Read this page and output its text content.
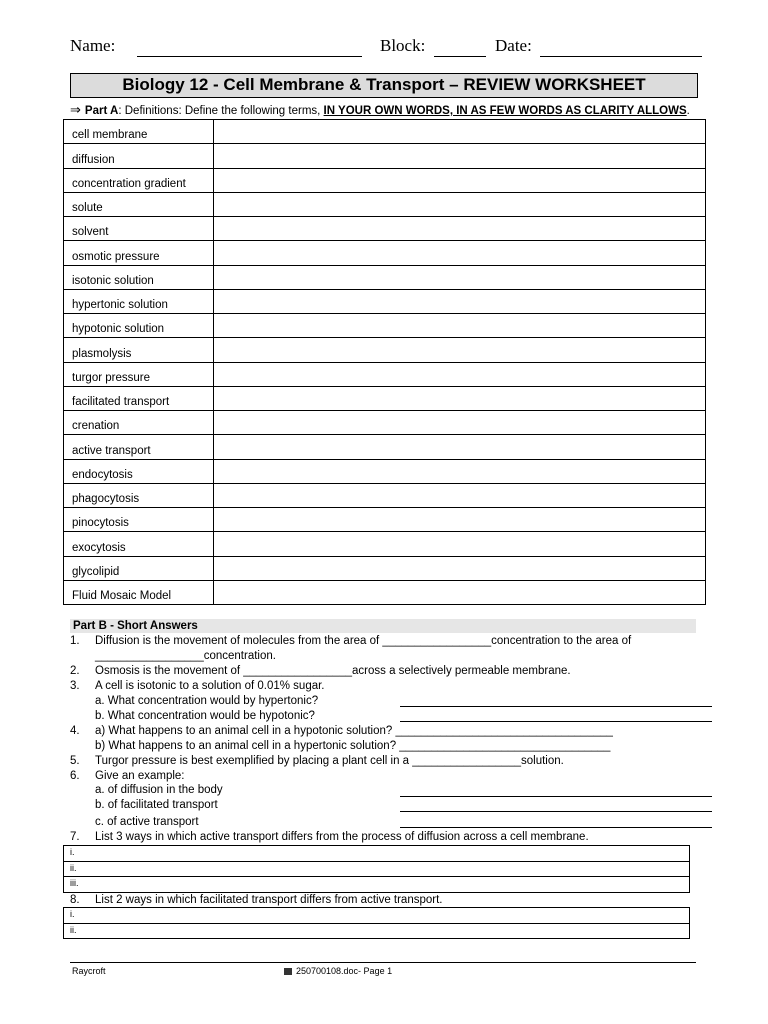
Name:	Block:	Date:
Biology 12 - Cell Membrane & Transport – REVIEW WORKSHEET
⇒ Part A: Definitions: Define the following terms, IN YOUR OWN WORDS, IN AS FEW WORDS AS CLARITY ALLOWS.
cell membrane	
diffusion	
concentration gradient	
solute	
solvent	
osmotic pressure	
isotonic solution	
hypertonic solution	
hypotonic solution	
plasmolysis	
turgor pressure	
facilitated transport	
crenation	
active transport	
endocytosis	
phagocytosis	
pinocytosis	
exocytosis	
glycolipid	
Fluid Mosaic Model	
Part B - Short Answers
1. Diffusion is the movement of molecules from the area of _________________concentration to the area of
_________________concentration.
2. Osmosis is the movement of _________________across a selectively permeable membrane.
3. A cell is isotonic to a solution of 0.01% sugar.
a. What concentration would by hypertonic?
b. What concentration would be hypotonic?
4. a) What happens to an animal cell in a hypotonic solution? __________________________________
b) What happens to an animal cell in a hypertonic solution? _________________________________
5. Turgor pressure is best exemplified by placing a plant cell in a _________________solution.
6. Give an example:
a. of diffusion in the body
b. of facilitated transport
c. of active transport
7. List 3 ways in which active transport differs from the process of diffusion across a cell membrane.
i.
ii.
iii.
8. List 2 ways in which facilitated transport differs from active transport.
i.
ii.
Raycroft	250700108.doc- Page 1
